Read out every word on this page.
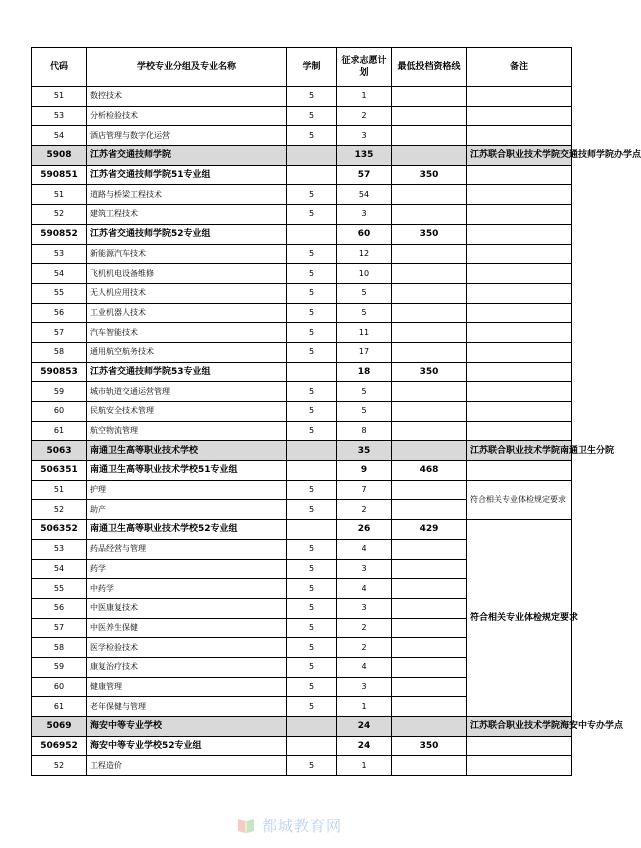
代码	学校专业分组及专业名称	学制	征求志愿计划	最低投档资格线	备注
51	数控技术	5	1		
53	分析检验技术	5	2		
54	酒店管理与数字化运营	5	3		
5908	江苏省交通技师学院		135		江苏联合职业技术学院交通技师学院办学点
590851	江苏省交通技师学院51专业组		57	350	
51	道路与桥梁工程技术	5	54		
52	建筑工程技术	5	3		
590852	江苏省交通技师学院52专业组		60	350	
53	新能源汽车技术	5	12		
54	飞机机电设备维修	5	10		
55	无人机应用技术	5	5		
56	工业机器人技术	5	5		
57	汽车智能技术	5	11		
58	通用航空航务技术	5	17		
590853	江苏省交通技师学院53专业组		18	350	
59	城市轨道交通运营管理	5	5		
60	民航安全技术管理	5	5		
61	航空物流管理	5	8		
5063	南通卫生高等职业技术学校		35		江苏联合职业技术学院南通卫生分院
506351	南通卫生高等职业技术学校51专业组		9	468	
51	护理	5	7		符合相关专业体检规定要求
52	助产	5	2		
506352	南通卫生高等职业技术学校52专业组		26	429	符合相关专业体检规定要求
53	药品经营与管理	5	4		
54	药学	5	3		
55	中药学	5	4		
56	中医康复技术	5	3		
57	中医养生保健	5	2		
58	医学检验技术	5	2		
59	康复治疗技术	5	4		
60	健康管理	5	3		
61	老年保健与管理	5	1		
5069	海安中等专业学校		24		江苏联合职业技术学院海安中专办学点
506952	海安中等专业学校52专业组		24	350	
52	工程造价	5	1		
都城教育网
